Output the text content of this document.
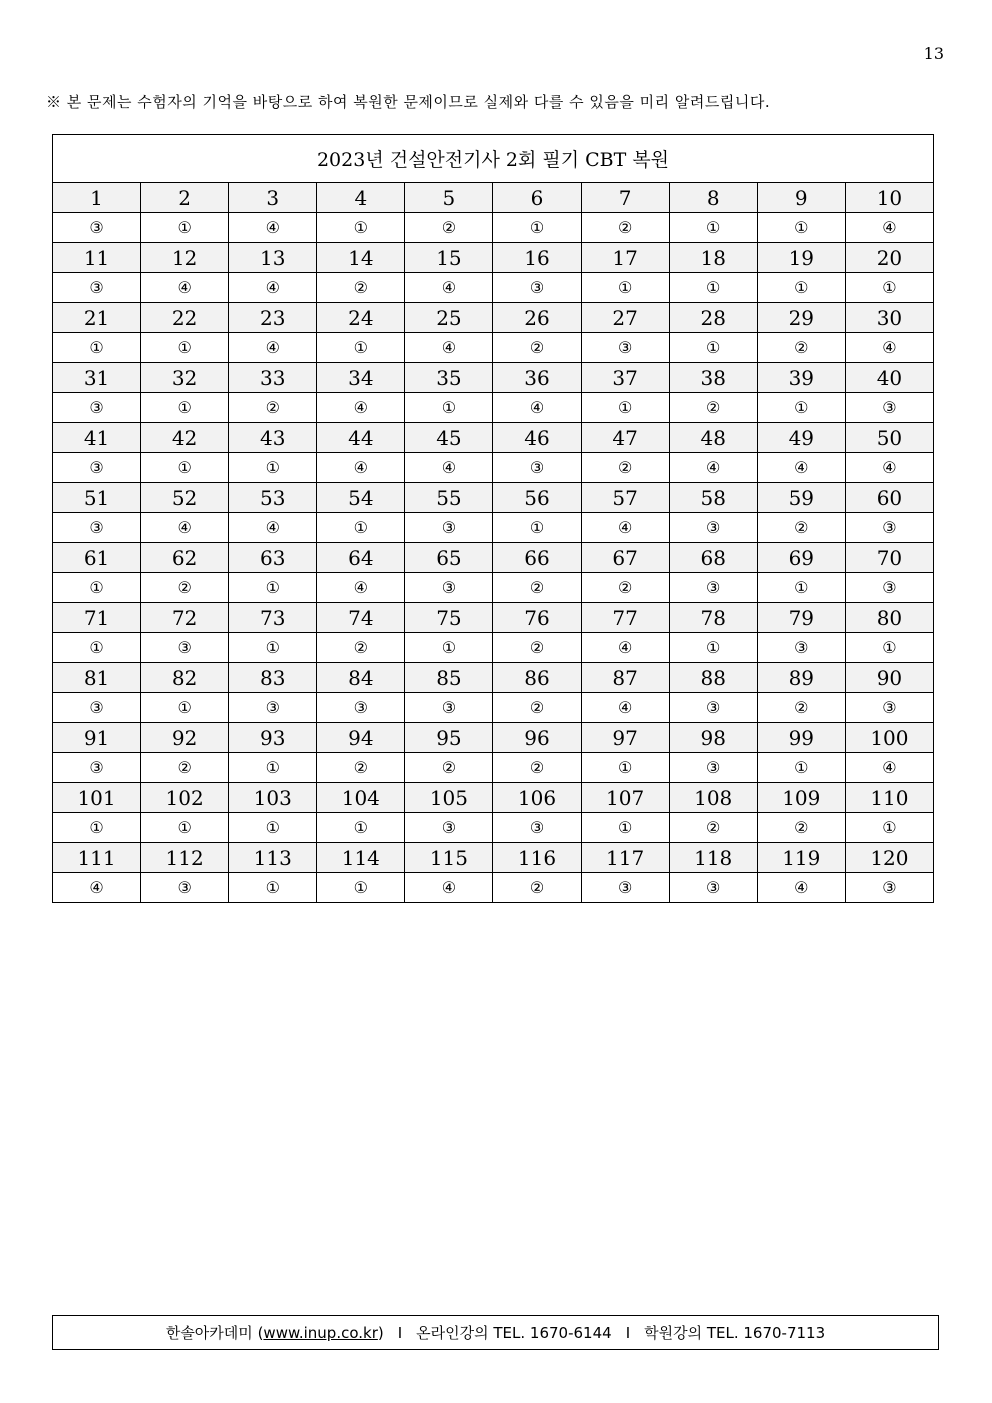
13
※ 본 문제는 수험자의 기억을 바탕으로 하여 복원한 문제이므로 실제와 다를 수 있음을 미리 알려드립니다.
2023년 건설안전기사 2회 필기 CBT 복원									
1	2	3	4	5	6	7	8	9	10
③	①	④	①	②	①	②	①	①	④
11	12	13	14	15	16	17	18	19	20
③	④	④	②	④	③	①	①	①	①
21	22	23	24	25	26	27	28	29	30
①	①	④	①	④	②	③	①	②	④
31	32	33	34	35	36	37	38	39	40
③	①	②	④	①	④	①	②	①	③
41	42	43	44	45	46	47	48	49	50
③	①	①	④	④	③	②	④	④	④
51	52	53	54	55	56	57	58	59	60
③	④	④	①	③	①	④	③	②	③
61	62	63	64	65	66	67	68	69	70
①	②	①	④	③	②	②	③	①	③
71	72	73	74	75	76	77	78	79	80
①	③	①	②	①	②	④	①	③	①
81	82	83	84	85	86	87	88	89	90
③	①	③	③	③	②	④	③	②	③
91	92	93	94	95	96	97	98	99	100
③	②	①	②	②	②	①	③	①	④
101	102	103	104	105	106	107	108	109	110
①	①	①	①	③	③	①	②	②	①
111	112	113	114	115	116	117	118	119	120
④	③	①	①	④	②	③	③	④	③
한솔아카데미
( www.inup.co.kr ) I 온라인강의 TEL. 1670-6144 I 학원강의 TEL. 1670-7113
